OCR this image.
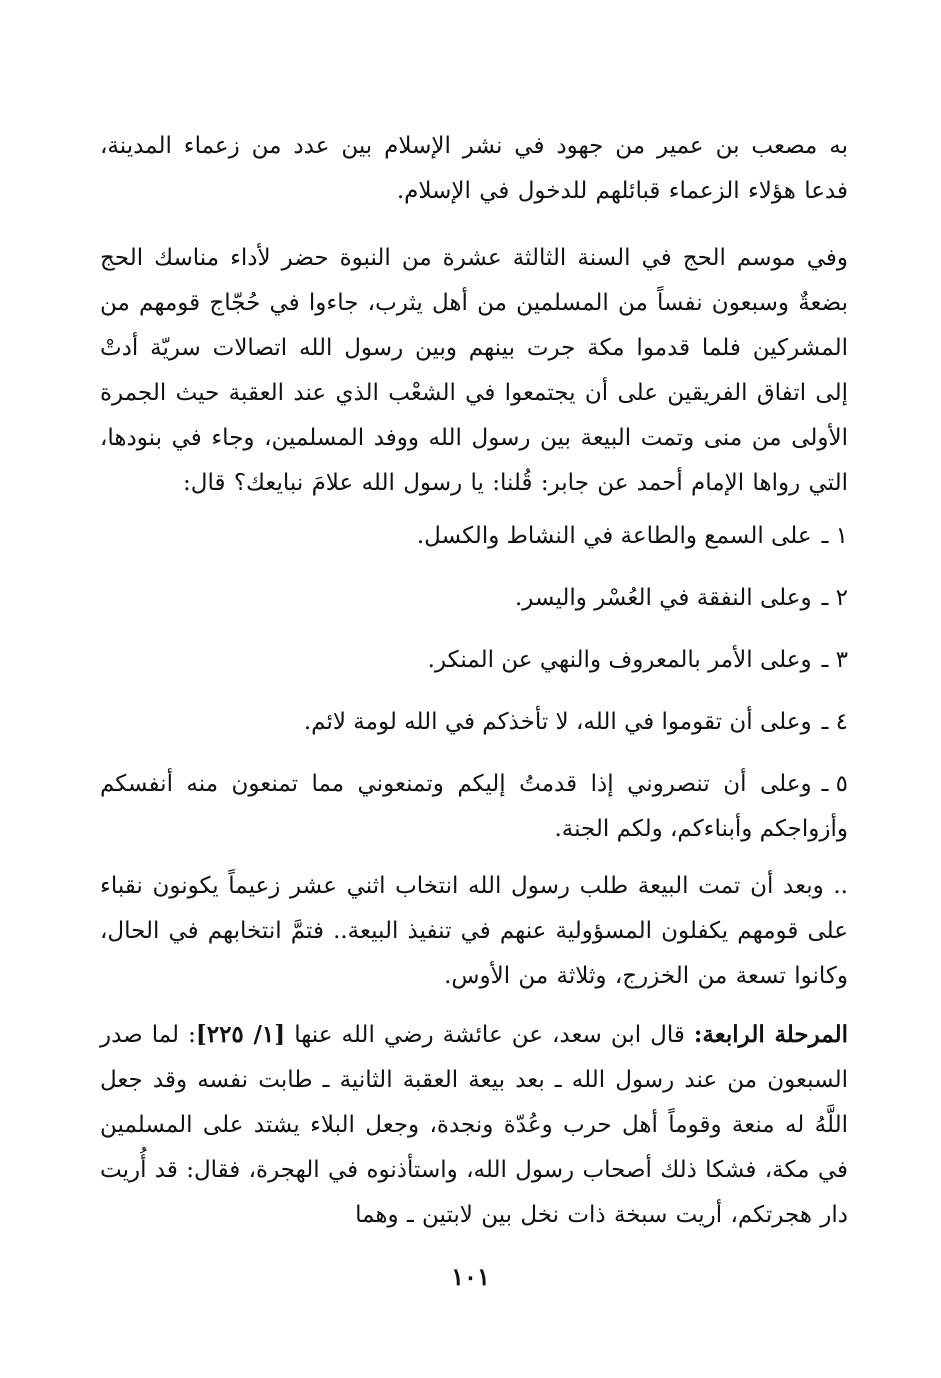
به مصعب بن عمير من جهود في نشر الإسلام بين عدد من زعماء المدينة، فدعا هؤلاء الزعماء قبائلهم للدخول في الإسلام.

وفي موسم الحج في السنة الثالثة عشرة من النبوة حضر لأداء مناسك الحج بضعةٌ وسبعون نفساً من المسلمين من أهل يثرب، جاءوا في حُجّاج قومهم من المشركين فلما قدموا مكة جرت بينهم وبين رسول الله اتصالات سريّة أدتْ إلى اتفاق الفريقين على أن يجتمعوا في الشعْب الذي عند العقبة حيث الجمرة الأولى من منى وتمت البيعة بين رسول الله ووفد المسلمين، وجاء في بنودها، التي رواها الإمام أحمد عن جابر: قُلنا: يا رسول الله علامَ نبايعك؟ قال:

١ ـعلى السمع والطاعة في النشاط والكسل.
٢ ـوعلى النفقة في العُسْر واليسر.
٣ ـوعلى الأمر بالمعروف والنهي عن المنكر.
٤ ـوعلى أن تقوموا في الله، لا تأخذكم في الله لومة لائم.
٥ ـوعلى أن تنصروني إذا قدمتُ إليكم وتمنعوني مما تمنعون منه أنفسكم وأزواجكم وأبناءكم، ولكم الجنة.

.. وبعد أن تمت البيعة طلب رسول الله انتخاب اثني عشر زعيماً يكونون نقباء على قومهم يكفلون المسؤولية عنهم في تنفيذ البيعة.. فتمَّ انتخابهم في الحال، وكانوا تسعة من الخزرج، وثلاثة من الأوس.

المرحلة الرابعة: قال ابن سعد، عن عائشة رضي الله عنها [١/ ٢٢٥]: لما صدر السبعون من عند رسول الله ـ بعد بيعة العقبة الثانية ـ طابت نفسه وقد جعل اللَّهُ له منعة وقوماً أهل حرب وعُدّة ونجدة، وجعل البلاء يشتد على المسلمين في مكة، فشكا ذلك أصحاب رسول الله، واستأذنوه في الهجرة، فقال: قد أُريت دار هجرتكم، أريت سبخة ذات نخل بين لابتين ـ وهما

١٠١
